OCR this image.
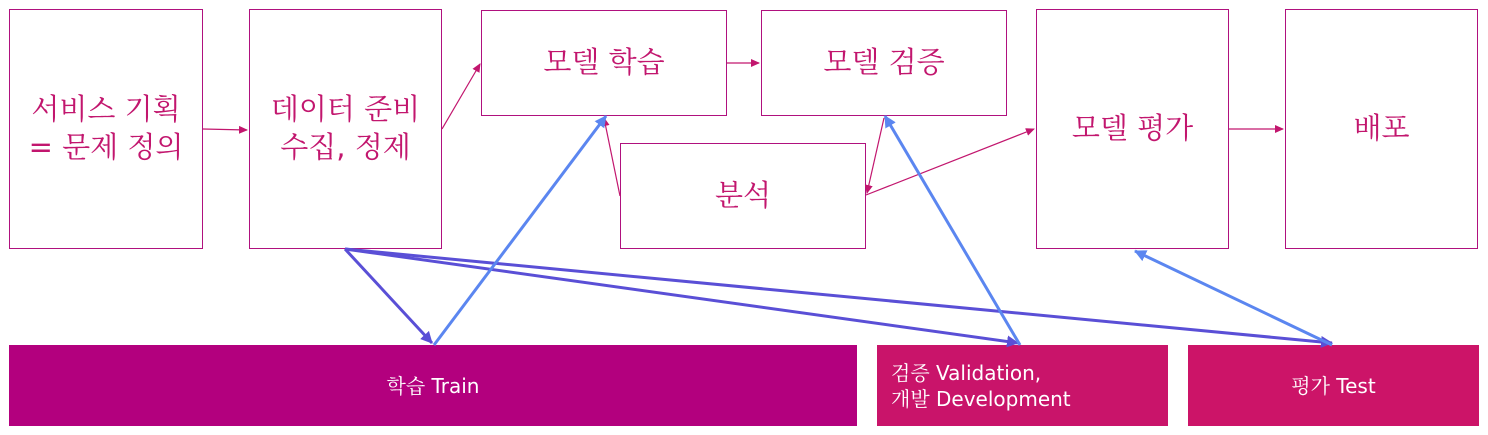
서비스 기획
= 문제 정의
데이터 준비
수집, 정제
모델 학습	모델 검증
분석
모델 평가	배포
학습 Train
검증 Validation,
개발 Development
평가 Test
